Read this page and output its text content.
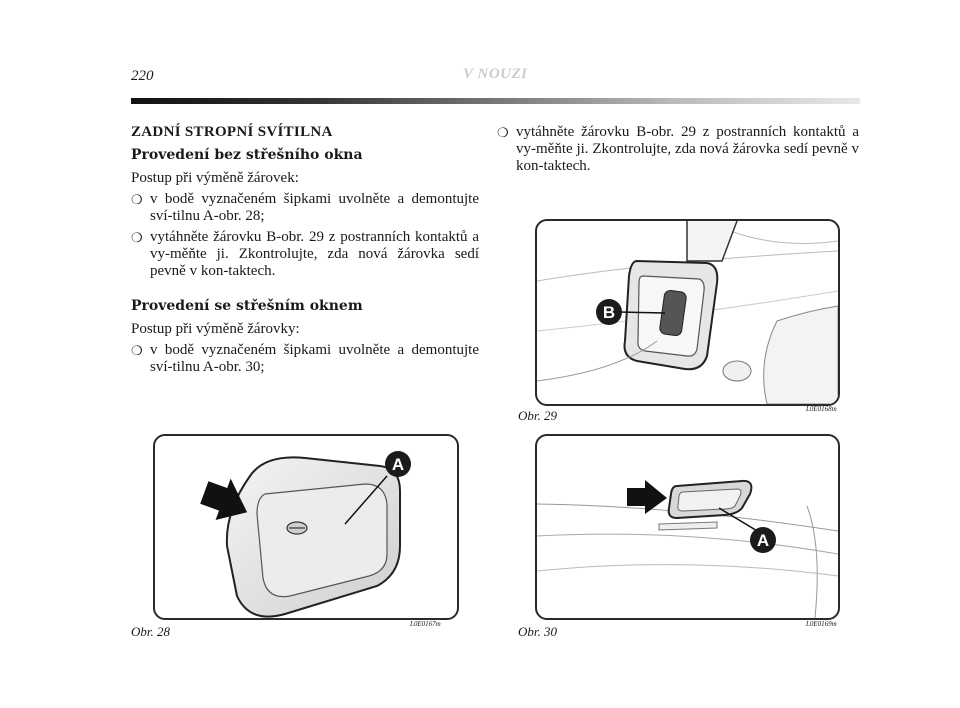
220	V NOUZI
ZADNÍ STROPNÍ SVÍTILNA
Provedení bez střešního okna

Postup při výměně žárovek:

❍ v bodě vyznačeném šipkami uvolněte a demontujte sví-tilnu A-obr. 28;
❍ vytáhněte žárovku B-obr. 29 z postranních kontaktů a vy-měňte ji. Zkontrolujte, zda nová žárovka sedí pevně v kon-taktech.
Provedení se střešním oknem

Postup při výměně žárovky:

❍ v bodě vyznačeném šipkami uvolněte a demontujte sví-tilnu A-obr. 30;
❍ vytáhněte žárovku B-obr. 29 z postranních kontaktů a vy-měňte ji. Zkontrolujte, zda nová žárovka sedí pevně v kon-taktech.
A
Obr. 28	L0E0167m
B
Obr. 29	L0E0168m
A
Obr. 30	L0E0169m
